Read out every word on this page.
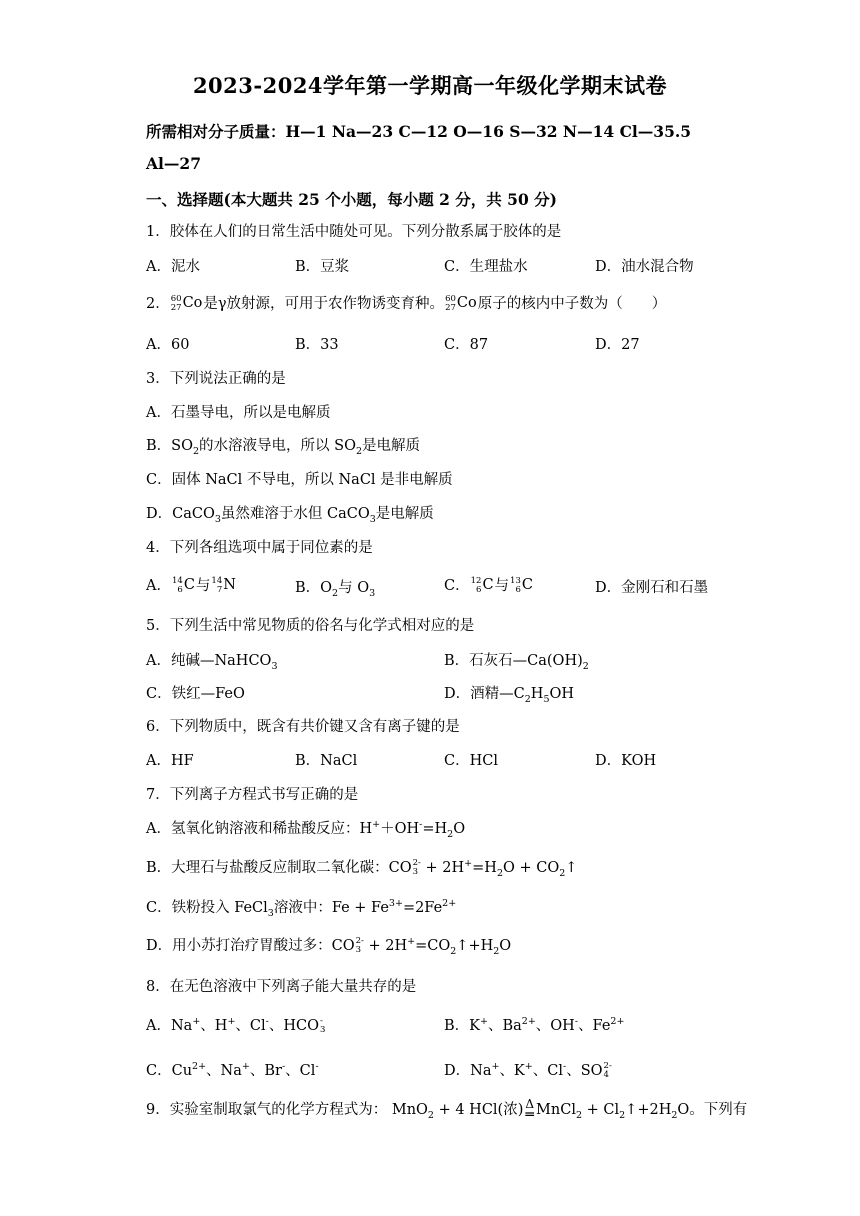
2023-2024学年第一学期高一年级化学期末试卷
所需相对分子质量：H—1 Na—23 C—12 O—16 S—32 N—14 Cl—35.5
Al—27
一、选择题(本大题共 25 个小题，每小题 2 分，共 50 分)
1．胶体在人们的日常生活中随处可见。下列分散系属于胶体的是
A．泥水	B．豆浆	C．生理盐水	D．油水混合物
2． 60
27 Co 是γ放射源，可用于农作物诱变育种。 60
27 Co 原子的核内中子数为（　　）
A．60	B．33	C．87	D．27
3．下列说法正确的是
A．石墨导电，所以是电解质
B．$SO_2$的水溶液导电，所以 $SO_2$是电解质
C．固体 NaCl 不导电，所以 NaCl 是非电解质
D．CaCO$_3$虽然难溶于水但 CaCO$_3$是电解质
4．下列各组选项中属于同位素的是
A． 14
6 C与 14
7 N	B．$O_2$与 $O_3$	C． 12
6 C与 13
6 C	D．金刚石和石墨
5．下列生活中常见物质的俗名与化学式相对应的是
A．纯碱—NaHCO$_3$	B．石灰石$—Ca(OH)_2$
C．铁红—FeO	D．酒精$—C_2H_5OH$
6．下列物质中，既含有共价键又含有离子键的是
A．HF	B．NaCl	C．HCl	D．KOH
7．下列离子方程式书写正确的是
A．氢氧化钠溶液和稀盐酸反应：$H^++OH^-=H_2O$
B．大理石与盐酸反应制取二氧化碳：CO 2-
$3 + 2H^+=H_2O$ + $CO_2↑$
C．铁粉投入 FeCl$_3$溶液中：$Fe + Fe^{3+}=2Fe^{2+}$
D．用小苏打治疗胃酸过多：CO 2-
$3 + 2H^+=CO_2↑+H_2O$
8．在无色溶液中下列离子能大量共存的是
A．Na+、H+、Cl-、HCO -
3	B．K+、$Ba^{2+}$、OH-、$Fe^{2+}$
C．$Cu^{2+}$、Na+、Br-、Cl-	D．Na+、K+、Cl-、SO 2-
4
9．实验室制取氯气的化学方程式为： MnO$_2$ + 4 HCl(浓) Δ
═ MnCl$_2$ + $Cl_2↑+2H_2O$。下列有
